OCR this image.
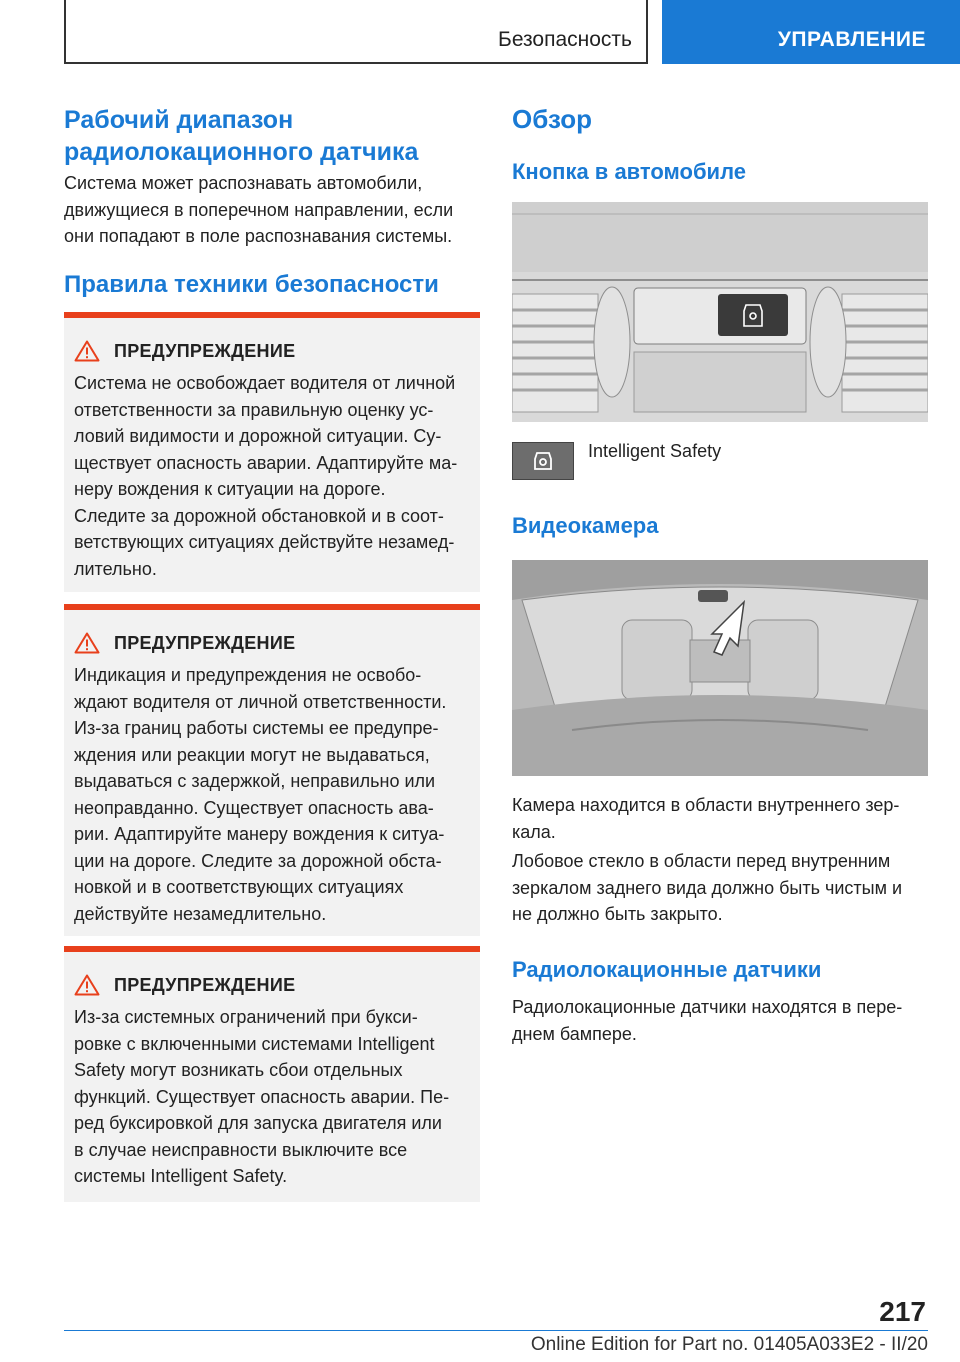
Безопасность	УПРАВЛЕНИЕ
Рабочий диапазон
радиолокационного датчика

Система может распознавать автомобили,
движущиеся в поперечном направлении, если
они попадают в поле распознавания системы.

Правила техники безопасности
ПРЕДУПРЕЖДЕНИЕ

Система не освобождает водителя от личной
ответственности за правильную оценку ус-
ловий видимости и дорожной ситуации. Су-
ществует опасность аварии. Адаптируйте ма-
неру вождения к ситуации на дороге.
Следите за дорожной обстановкой и в соот-
ветствующих ситуациях действуйте незамед-
лительно.

ПРЕДУПРЕЖДЕНИЕ

Индикация и предупреждения не освобо-
ждают водителя от личной ответственности.
Из-за границ работы системы ее предупре-
ждения или реакции могут не выдаваться,
выдаваться с задержкой, неправильно или
неоправданно. Существует опасность ава-
рии. Адаптируйте манеру вождения к ситуа-
ции на дороге. Следите за дорожной обста-
новкой и в соответствующих ситуациях
действуйте незамедлительно.

ПРЕДУПРЕЖДЕНИЕ

Из-за системных ограничений при букси-
ровке с включенными системами Intelligent
Safety могут возникать сбои отдельных
функций. Существует опасность аварии. Пе-
ред буксировкой для запуска двигателя или
в случае неисправности выключите все
системы Intelligent Safety.

Обзор
Кнопка в автомобиле

Intelligent Safety

Видеокамера

Камера находится в области внутреннего зер-
кала.

Лобовое стекло в области перед внутренним
зеркалом заднего вида должно быть чистым и
не должно быть закрыто.

Радиолокационные датчики

Радиолокационные датчики находятся в пере-
днем бампере.

217
Online Edition for Part no. 01405A033E2 - II/20
